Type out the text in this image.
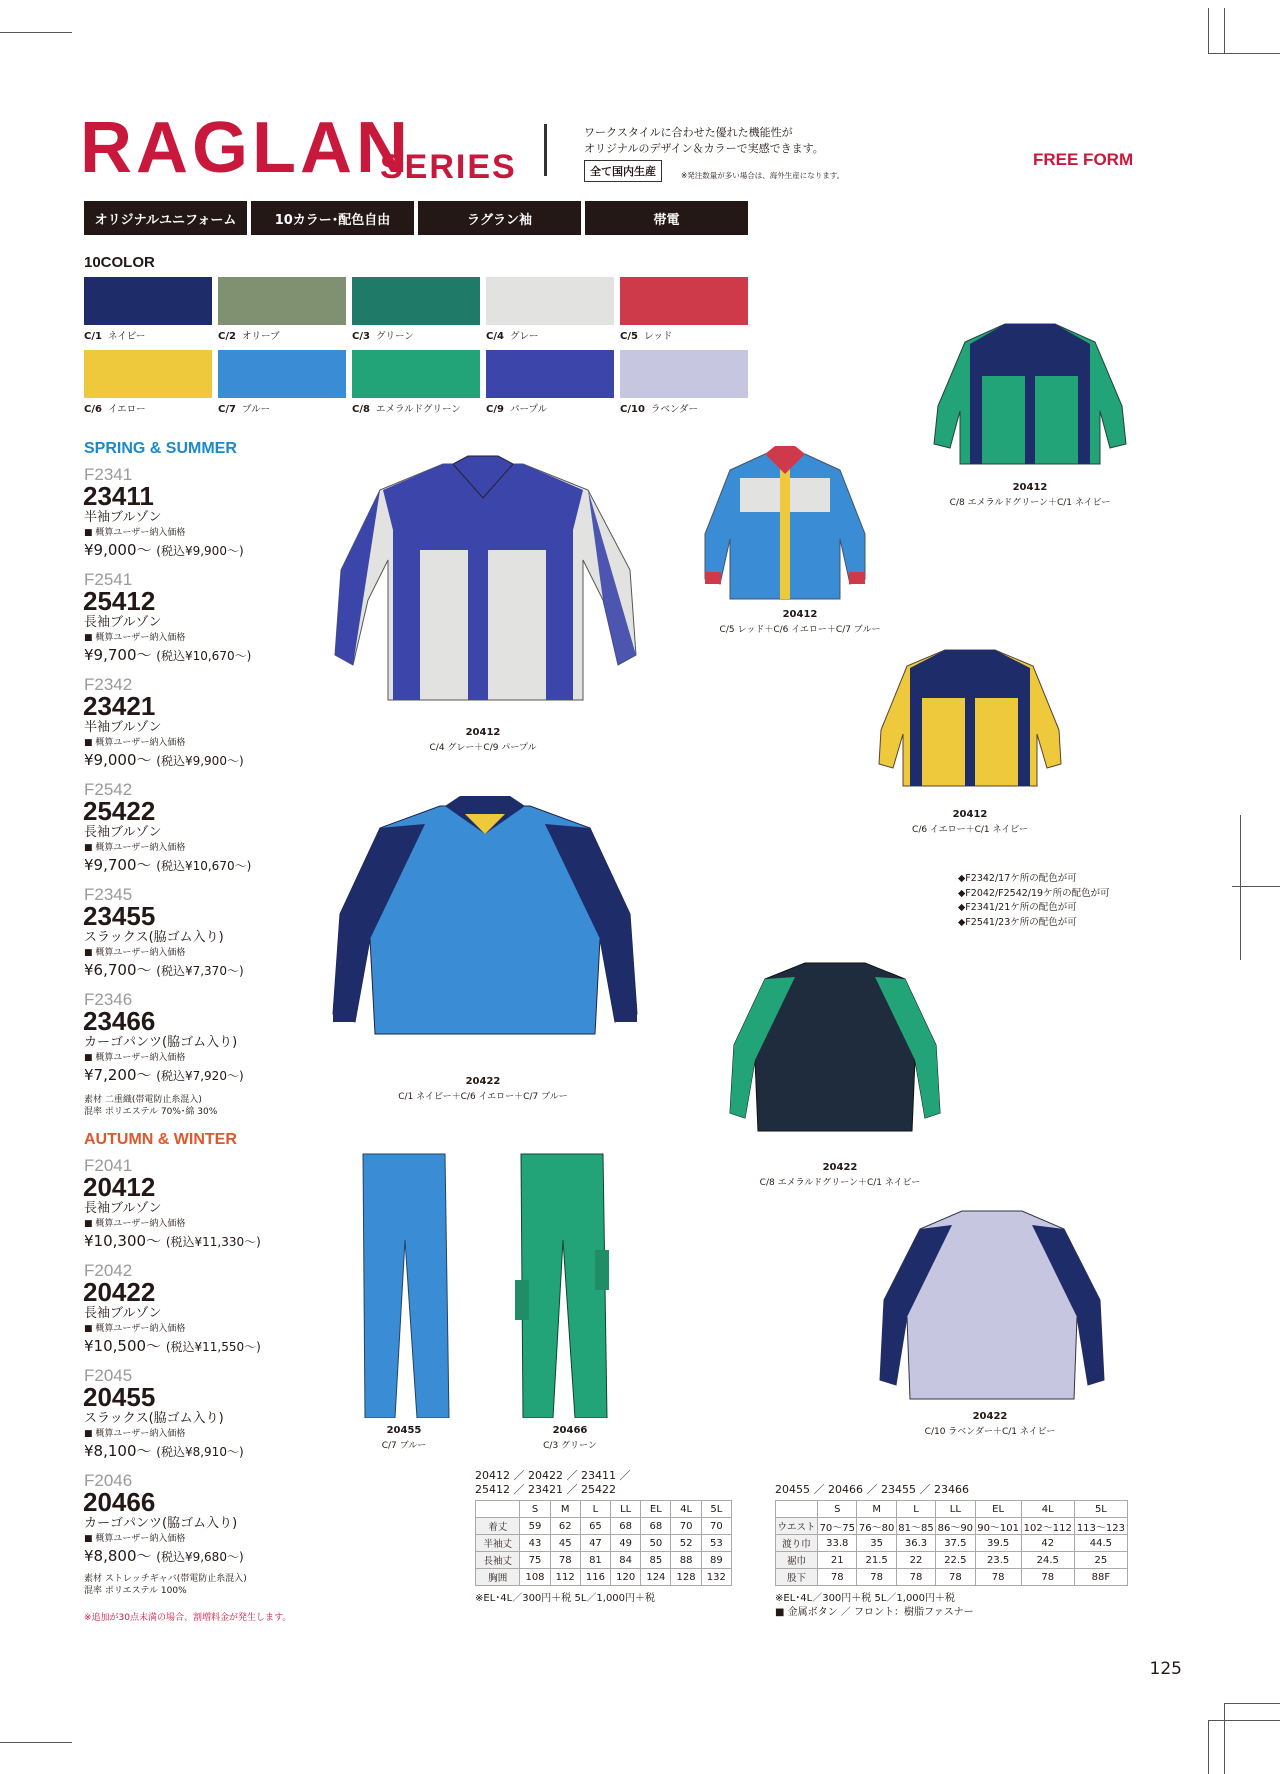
RAGLAN
SERIES
ワークスタイルに合わせた優れた機能性が
オリジナルのデザイン＆カラーで実感できます。
全て国内生産	※発注数量が多い場合は、海外生産になります。
FREE FORM
オリジナルユニフォーム	10カラー･配色自由	ラグラン袖	帯電
10COLOR
C/1 ネイビー	C/2 オリーブ	C/3 グリーン	C/4 グレー	C/5 レッド
C/6 イエロー	C/7 ブルー	C/8 エメラルドグリーン	C/9 パープル	C/10 ラベンダー
SPRING & SUMMER
F2341
23411
半袖ブルゾン
■ 概算ユーザー納入価格
¥9,000～ (税込¥9,900～)
F2541
25412
長袖ブルゾン
■ 概算ユーザー納入価格
¥9,700～ (税込¥10,670～)
F2342
23421
半袖ブルゾン
■ 概算ユーザー納入価格
¥9,000～ (税込¥9,900～)
F2542
25422
長袖ブルゾン
■ 概算ユーザー納入価格
¥9,700～ (税込¥10,670～)
F2345
23455
スラックス(脇ゴム入り)
■ 概算ユーザー納入価格
¥6,700～ (税込¥7,370～)
F2346
23466
カーゴパンツ(脇ゴム入り)
■ 概算ユーザー納入価格
¥7,200～ (税込¥7,920～)
素材 二重織(帯電防止糸混入)
混率 ポリエステル 70%･綿 30%
AUTUMN & WINTER
F2041
20412
長袖ブルゾン
■ 概算ユーザー納入価格
¥10,300～ (税込¥11,330～)
F2042
20422
長袖ブルゾン
■ 概算ユーザー納入価格
¥10,500～ (税込¥11,550～)
F2045
20455
スラックス(脇ゴム入り)
■ 概算ユーザー納入価格
¥8,100～ (税込¥8,910～)
F2046
20466
カーゴパンツ(脇ゴム入り)
■ 概算ユーザー納入価格
¥8,800～ (税込¥9,680～)
素材 ストレッチギャバ(帯電防止糸混入)
混率 ポリエステル 100%
※追加が30点未満の場合、割増料金が発生します。
20412
C/4 グレー＋C/9 パープル
20412
C/5 レッド＋C/6 イエロー＋C/7 ブルー
20412
C/8 エメラルドグリーン＋C/1 ネイビー
20412
C/6 イエロー＋C/1 ネイビー
20422
C/1 ネイビー＋C/6 イエロー＋C/7 ブルー
20422
C/8 エメラルドグリーン＋C/1 ネイビー
20455
C/7 ブルー
20466
C/3 グリーン
20422
C/10 ラベンダー＋C/1 ネイビー
◆F2342/17ケ所の配色が可
◆F2042/F2542/19ケ所の配色が可
◆F2341/21ケ所の配色が可
◆F2541/23ケ所の配色が可
20412 ／ 20422 ／ 23411 ／
25412 ／ 23421 ／ 25422
	S	M	L	LL	EL	4L	5L
着丈	59	62	65	68	68	70	70
半袖丈	43	45	47	49	50	52	53
長袖丈	75	78	81	84	85	88	89
胸囲	108	112	116	120	124	128	132
※EL･4L／300円＋税 5L／1,000円＋税
20455 ／ 20466 ／ 23455 ／ 23466
	S	M	L	LL	EL	4L	5L
ウエスト	70～75	76～80	81～85	86～90	90～101	102～112	113～123
渡り巾	33.8	35	36.3	37.5	39.5	42	44.5
裾巾	21	21.5	22	22.5	23.5	24.5	25
股下	78	78	78	78	78	78	88F
※EL･4L／300円＋税 5L／1,000円＋税
■ 金属ボタン ／ フロント：樹脂ファスナー
125
